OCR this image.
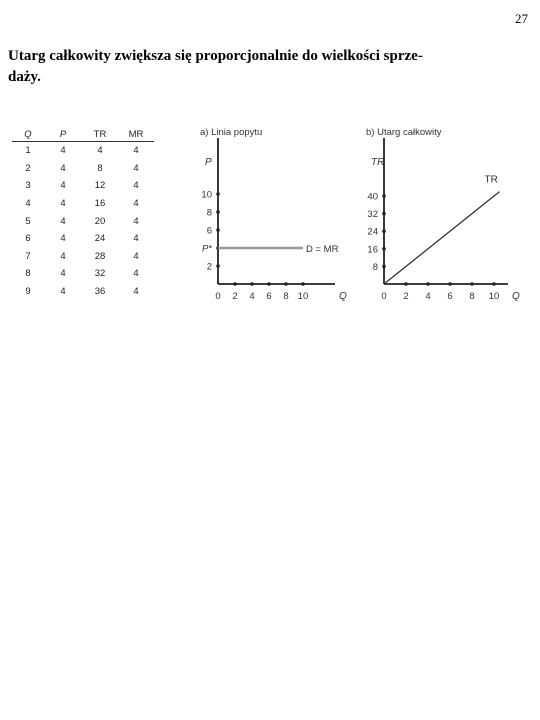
27

Utarg całkowity zwiększa się proporcjonalnie do wielkości sprze-
daży.

Q	P	TR	MR
1	4	4	4
2	4	8	4
3	4	12	4
4	4	16	4
5	4	20	4
6	4	24	4
7	4	28	4
8	4	32	4
9	4	36	4
a) Linia popytu
P
Q
0 2 4 6 8 10
2
P*
6
8
10
D = MR
b) Utarg całkowity
TR
Q
0 2 4 6 8 10
8
16
24
32
40
TR
